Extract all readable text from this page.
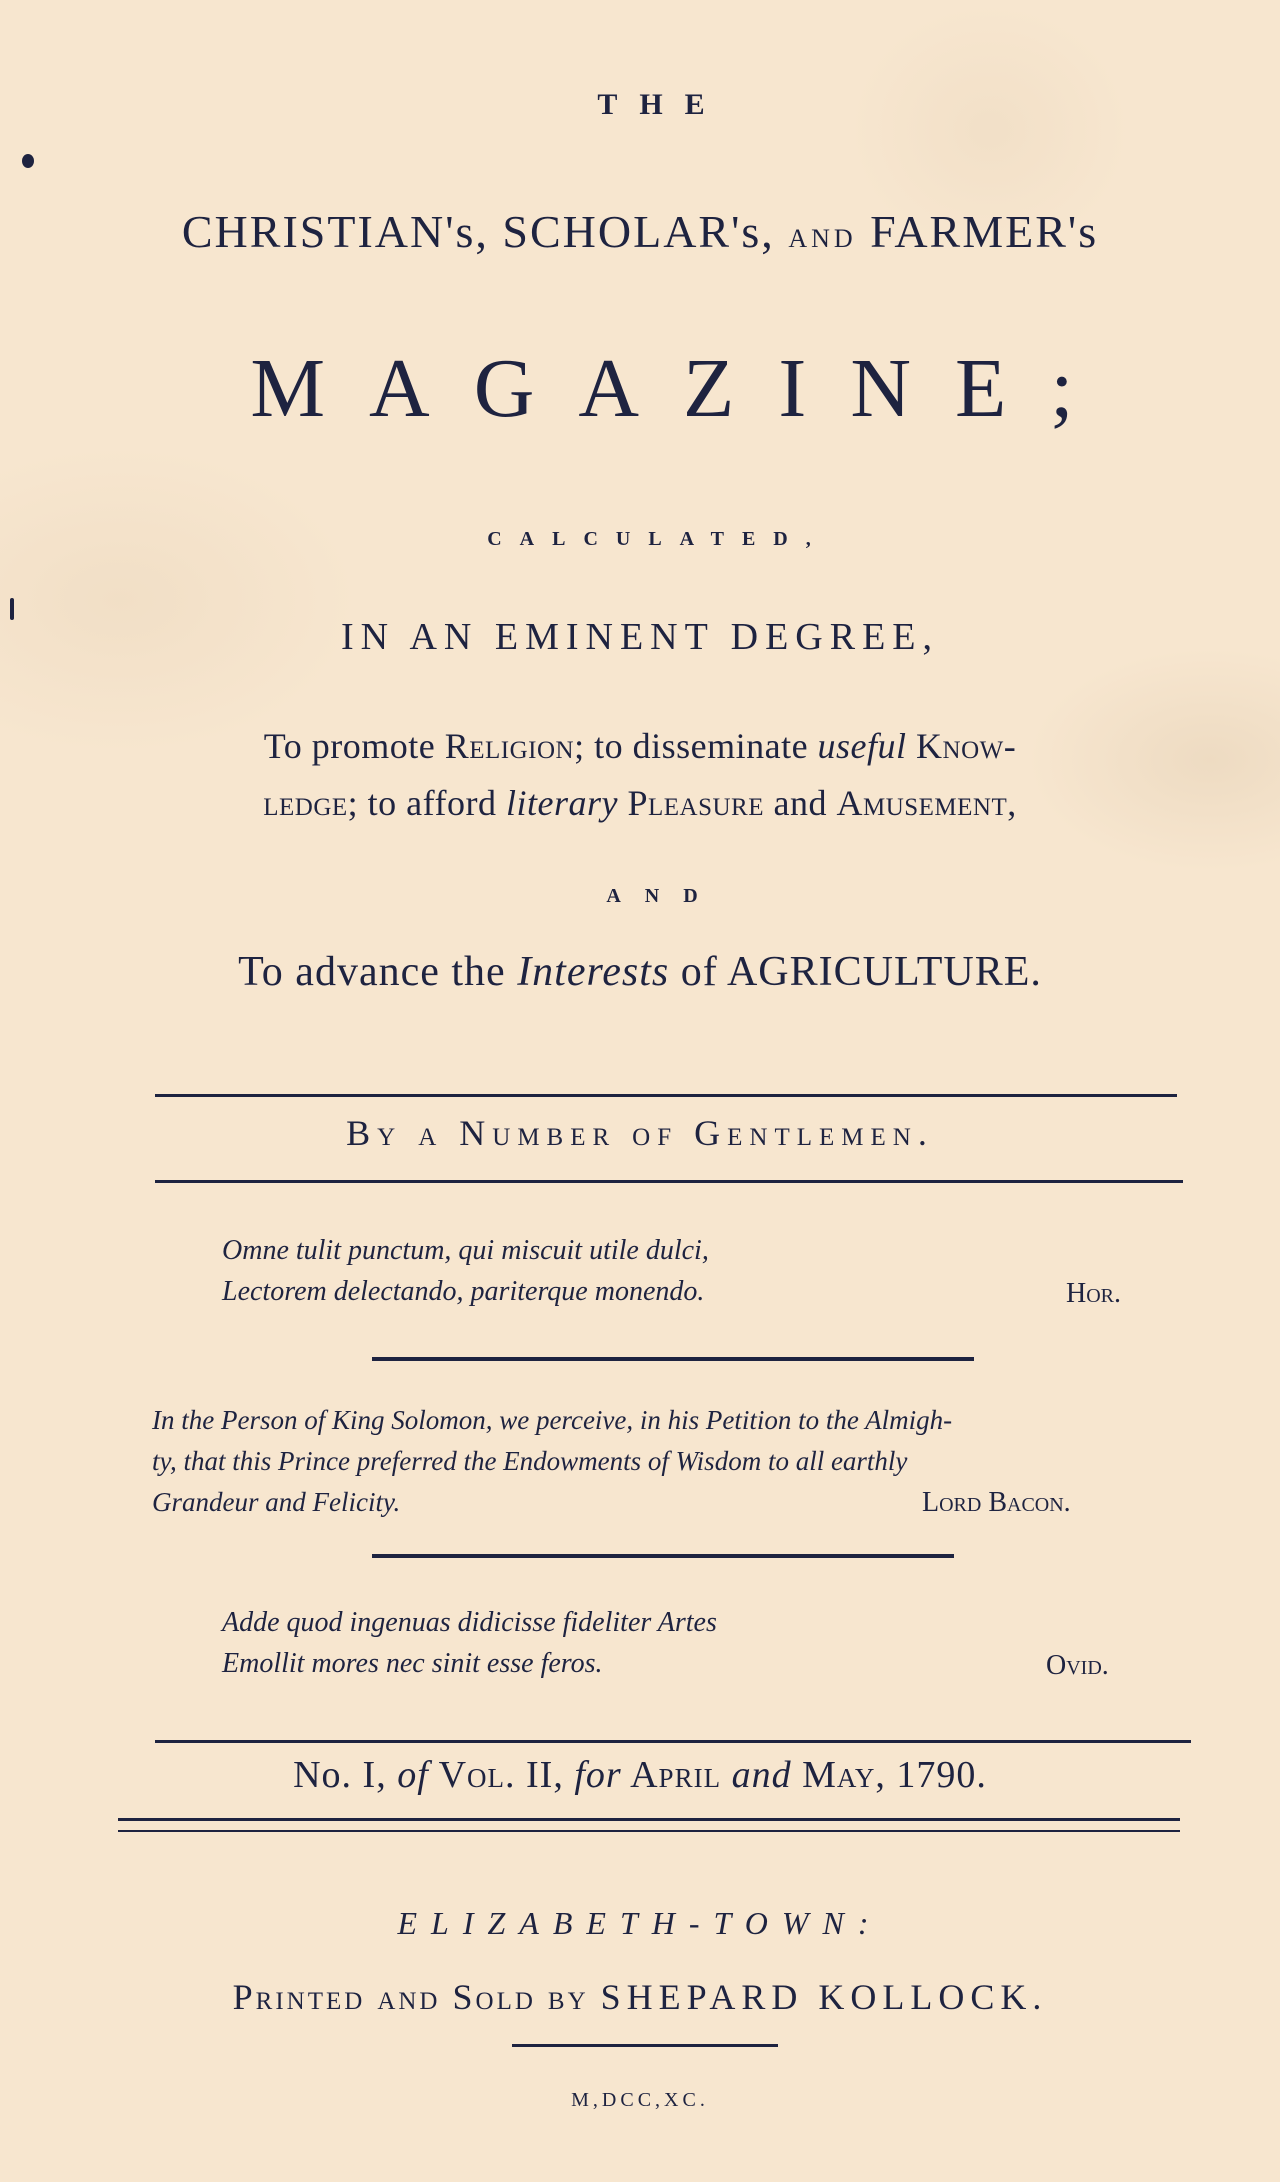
THE
CHRISTIAN's, SCHOLAR's, AND FARMER's
MAGAZINE;
CALCULATED,
IN AN EMINENT DEGREE,
To promote Religion; to disseminate useful Know-
ledge; to afford literary Pleasure and Amusement,
AND
To advance the Interests of AGRICULTURE.
By a Number of Gentlemen.
Omne tulit punctum, qui miscuit utile dulci,
Lectorem delectando, pariterque monendo.	Hor.
In the Person of King Solomon, we perceive, in his Petition to the Almigh-
ty, that this Prince preferred the Endowments of Wisdom to all earthly
Grandeur and Felicity.	Lord Bacon.
Adde quod ingenuas didicisse fideliter Artes
Emollit mores nec sinit esse feros.	Ovid.
No. I, of Vol. II, for April and May, 1790.
ELIZABETH-TOWN:
Printed and Sold by SHEPARD KOLLOCK.
M,DCC,XC.
